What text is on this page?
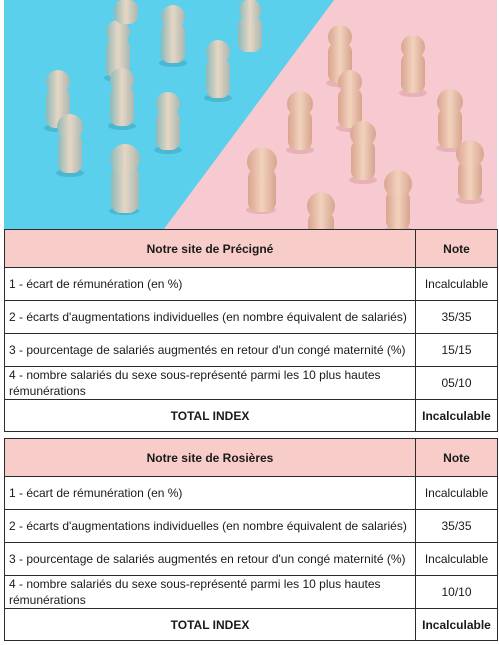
Notre site de Précigné	Note
1 - écart de rémunération (en %)	Incalculable
2 - écarts d'augmentations individuelles (en nombre équivalent de salariés)	35/35
3 - pourcentage de salariés augmentés en retour d'un congé maternité (%)	15/15
4 - nombre salariés du sexe sous-représenté parmi les 10 plus hautes rémunérations	05/10
TOTAL INDEX	Incalculable
Notre site de Rosières	Note
1 - écart de rémunération (en %)	Incalculable
2 - écarts d'augmentations individuelles (en nombre équivalent de salariés)	35/35
3 - pourcentage de salariés augmentés en retour d'un congé maternité (%)	Incalculable
4 - nombre salariés du sexe sous-représenté parmi les 10 plus hautes rémunérations	10/10
TOTAL INDEX	Incalculable
